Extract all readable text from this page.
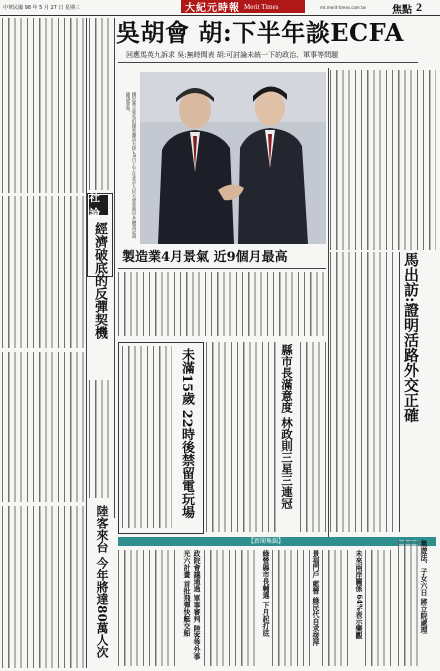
中華民國 98 年 5 月 27 日 星期三	大紀元時報 Merit Times	mt.merit-times.com.tw	焦點 2
社論
經濟破底的反彈契機
吳胡會 胡:下半年談ECFA
回應馬英九訴求 吳:無時間表 胡:可討論未統一下的政治、軍事等問題
國民黨主席吳伯雄率團訪大陸,26日上午在北京人民大會堂與中共總書記胡錦濤會面。
製造業4月景氣 近9個月最高	馬出訪:證明活路外交正確
未滿15歲 22時後禁留電玩場	縣市長滿意度 林政則三星三連冠
陸客來台 今年將達80萬人次	【新聞集錦】
光六計畫 首批飛彈快艇交船 政院會議通過 軍事審判 陸客等外事	綠營縣市長輔選 下月起打底	景福門戶 藍營 綠民代自求接萍	未來兩岸關係 64%表示樂觀	集遊法、子女六日 將立院處理
